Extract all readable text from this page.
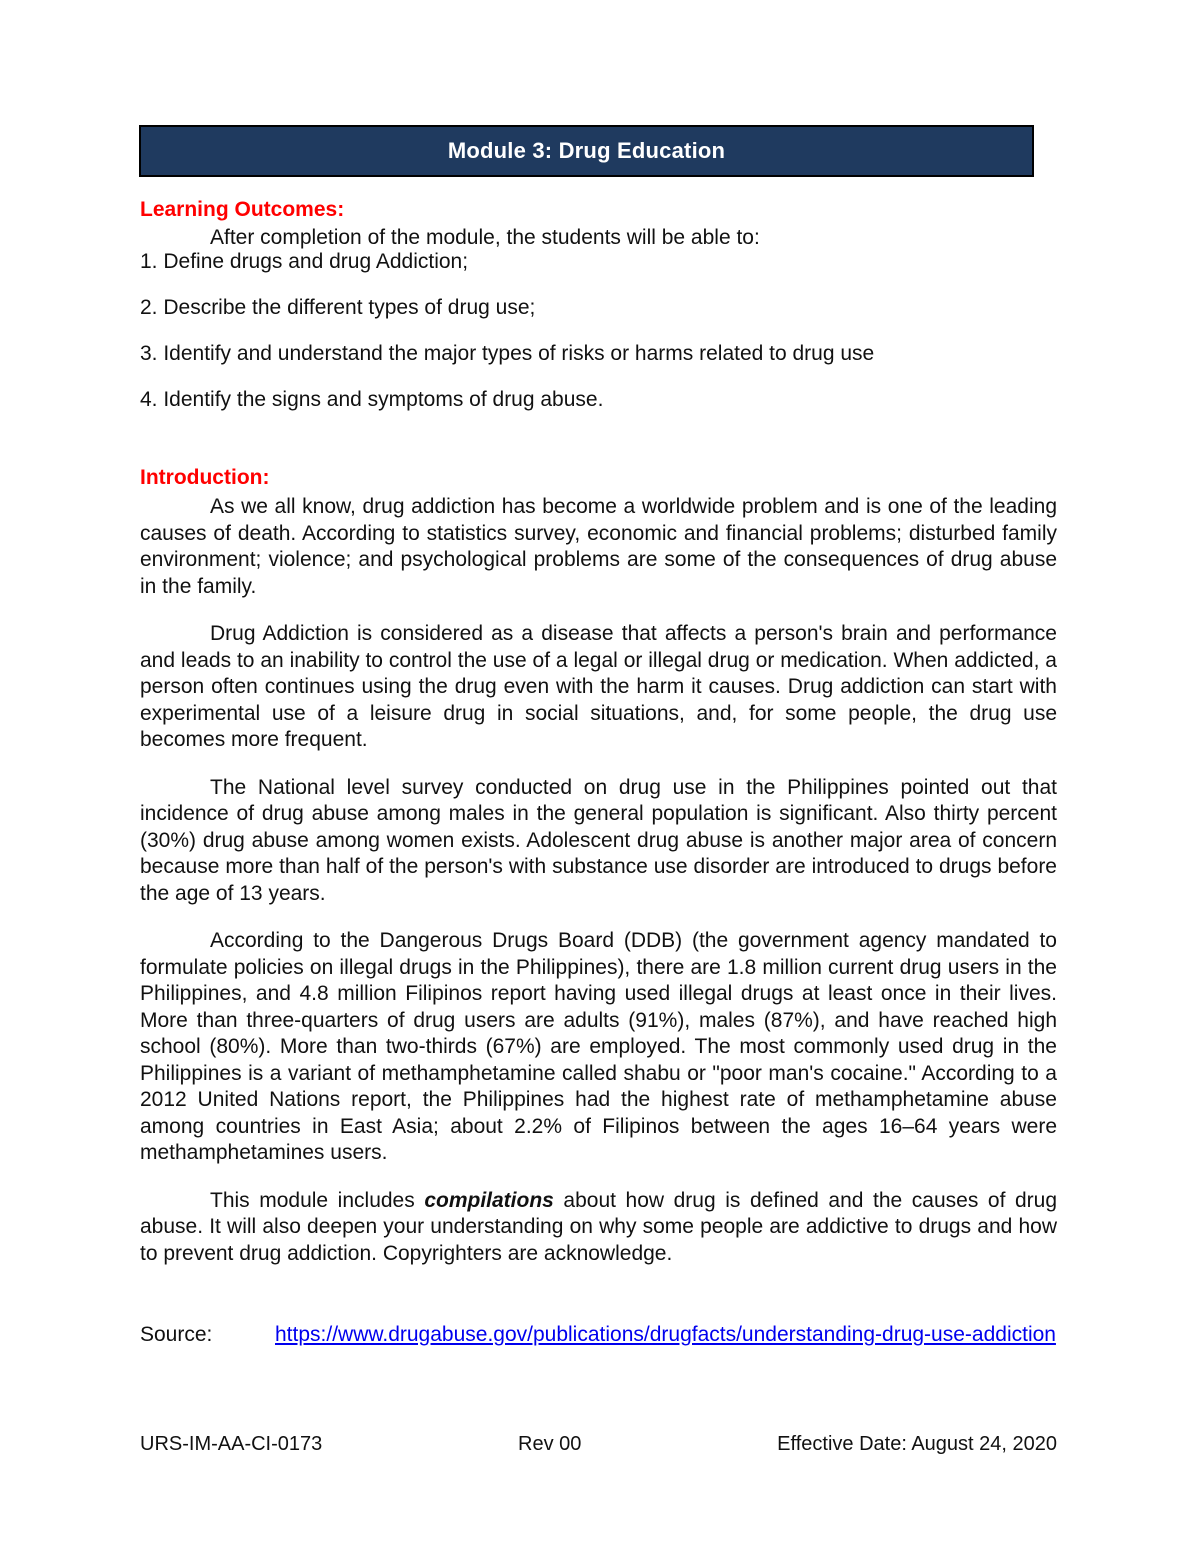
Module 3: Drug Education
Learning Outcomes:
After completion of the module, the students will be able to:
1. Define drugs and drug Addiction;
2. Describe the different types of drug use;
3. Identify and understand the major types of risks or harms related to drug use
4. Identify the signs and symptoms of drug abuse.
Introduction:

As we all know, drug addiction has become a worldwide problem and is one of the leading causes of death. According to statistics survey, economic and financial problems; disturbed family environment; violence; and psychological problems are some of the consequences of drug abuse in the family.

Drug Addiction is considered as a disease that affects a person's brain and performance and leads to an inability to control the use of a legal or illegal drug or medication. When addicted, a person often continues using the drug even with the harm it causes. Drug addiction can start with experimental use of a leisure drug in social situations, and, for some people, the drug use becomes more frequent.

The National level survey conducted on drug use in the Philippines pointed out that incidence of drug abuse among males in the general population is significant. Also thirty percent (30%) drug abuse among women exists. Adolescent drug abuse is another major area of concern because more than half of the person's with substance use disorder are introduced to drugs before the age of 13 years.

According to the Dangerous Drugs Board (DDB) (the government agency mandated to formulate policies on illegal drugs in the Philippines), there are 1.8 million current drug users in the Philippines, and 4.8 million Filipinos report having used illegal drugs at least once in their lives. More than three-quarters of drug users are adults (91%), males (87%), and have reached high school (80%). More than two-thirds (67%) are employed. The most commonly used drug in the Philippines is a variant of methamphetamine called shabu or "poor man's cocaine." According to a 2012 United Nations report, the Philippines had the highest rate of methamphetamine abuse among countries in East Asia; about 2.2% of Filipinos between the ages 16–64 years were methamphetamines users.

This module includes compilations about how drug is defined and the causes of drug abuse. It will also deepen your understanding on why some people are addictive to drugs and how to prevent drug addiction. Copyrighters are acknowledge.

Source:	https://www.drugabuse.gov/publications/drugfacts/understanding-drug-use-addiction
URS-IM-AA-CI-0173	Rev 00	Effective Date: August 24, 2020
